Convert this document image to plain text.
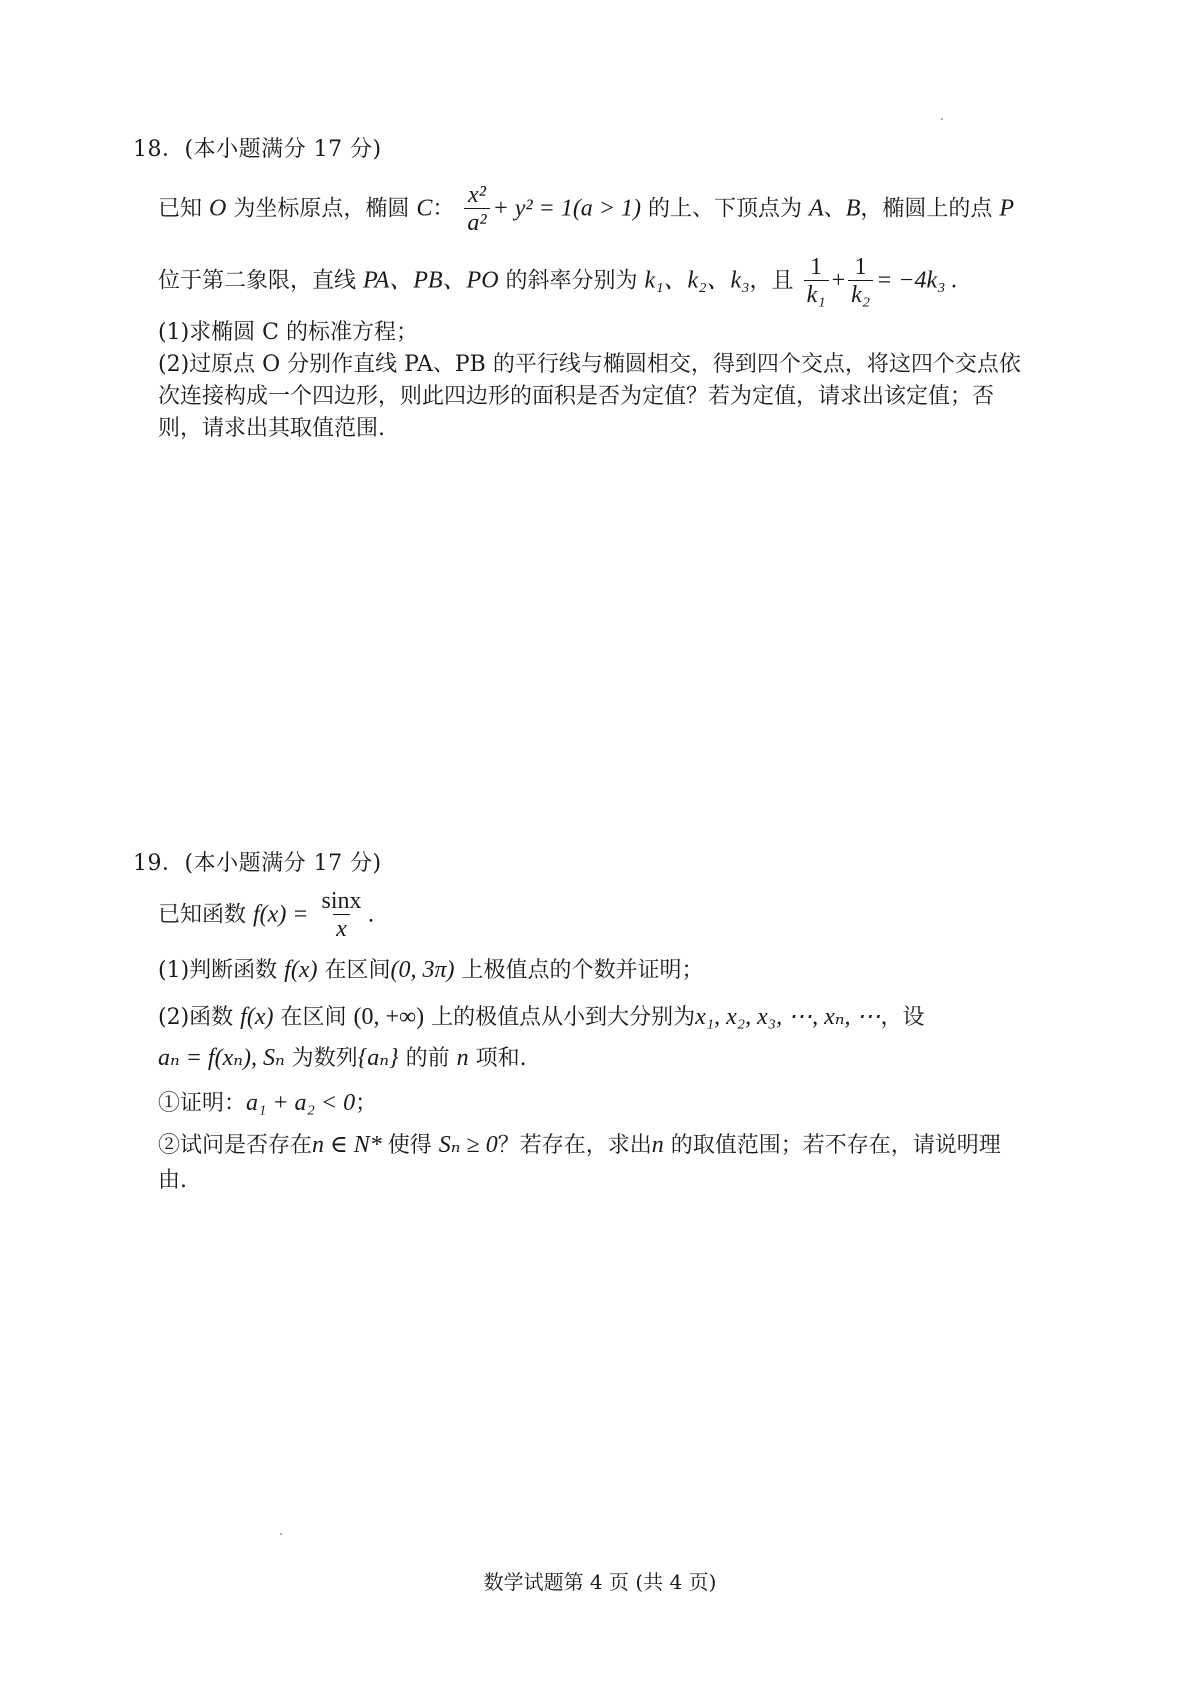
18．(本小题满分 17 分)
已知 O 为坐标原点，椭圆 C： $\frac{\text{x²}}{\text{a²}} + y^2 = 1(a > 1)$ 的上、下顶点为 A、B，椭圆上的点 P
位于第二象限，直线 PA、PB、PO 的斜率分别为 k₁、k₂、k₃，且 $\frac{1}{\text{k₁}} + \frac{1}{\text{k₂}} = -4k_3$ .
(1)求椭圆 C 的标准方程；
(2)过原点 O 分别作直线 PA、PB 的平行线与椭圆相交，得到四个交点，将这四个交点依
次连接构成一个四边形，则此四边形的面积是否为定值？若为定值，请求出该定值；否
则，请求出其取值范围.
19．(本小题满分 17 分)
已知函数 $f(x) = \frac{\sin x}{x}$ .
(1)判断函数 f(x) 在区间(0, 3π) 上极值点的个数并证明；
(2)函数 f(x) 在区间 (0, +∞) 上的极值点从小到大分别为x₁, x₂, x₃, ⋯, xₙ, ⋯，设
aₙ = f(xₙ), Sₙ 为数列{aₙ} 的前 n 项和.
①证明：a₁ + a₂ < 0；
②试问是否存在n ∈ N* 使得 Sₙ ≥ 0？若存在，求出n 的取值范围；若不存在，请说明理
由.
数学试题第 4 页 (共 4 页)
